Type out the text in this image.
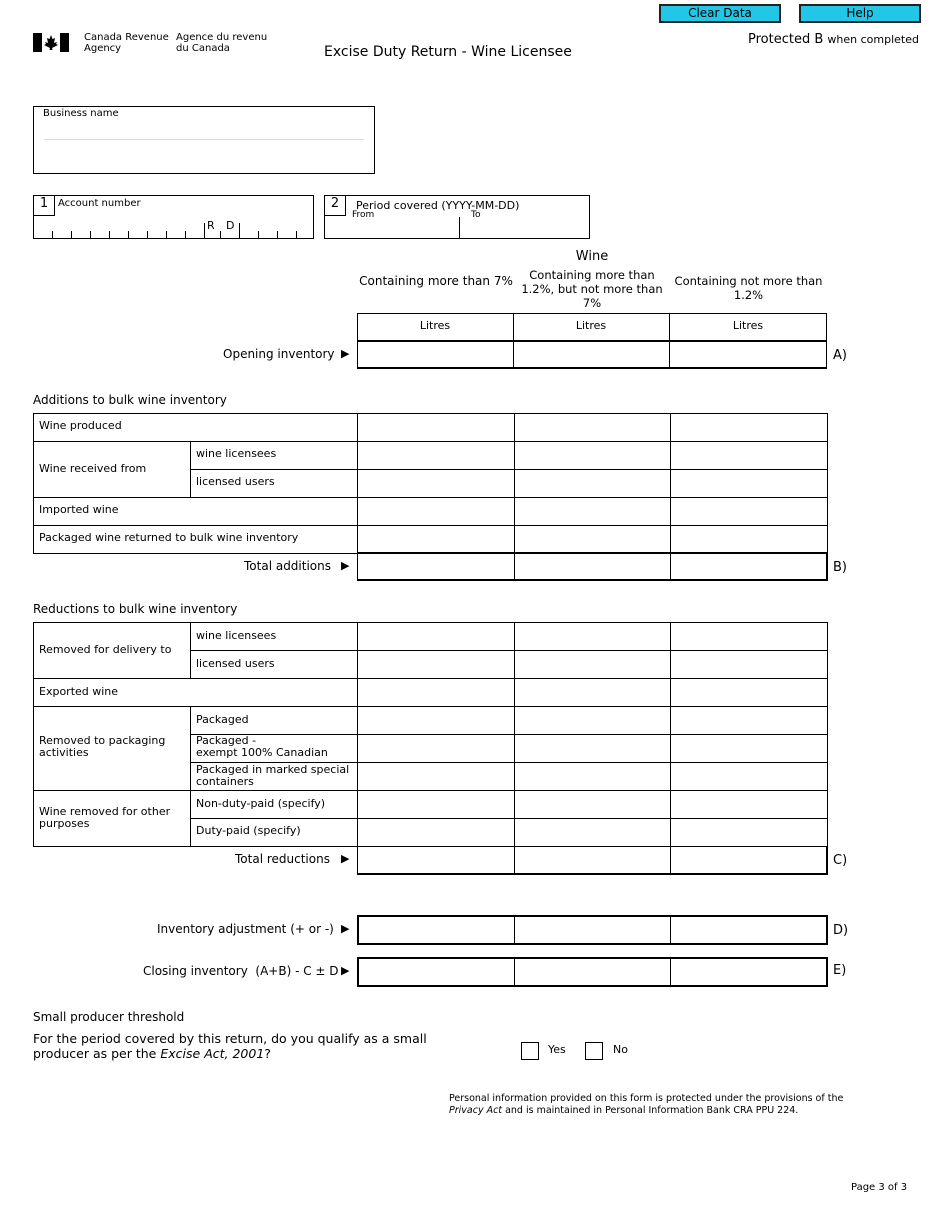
Clear Data	Help
Canada Revenue
Agency
Agence du revenu
du Canada	Excise Duty Return - Wine Licensee
Protected B when completed
Business name
1 Account number
R D
2	Period covered (YYYY-MM-DD)
From	To
Wine
Containing more than 7%	Containing more than 1.2%, but not more than 7%
Containing not more than 1.2%
Litres	Litres	Litres
Opening inventory ▶	A)
Additions to bulk wine inventory
Wine produced
Wine received from
wine licensees
licensed users
Imported wine
Packaged wine returned to bulk wine inventory
Total additions ▶	B)
Reductions to bulk wine inventory
Removed for delivery to
wine licensees
licensed users
Exported wine
Removed to packaging activities
Packaged
Packaged -
exempt 100% Canadian
Packaged in marked special
containers
Wine removed for other purposes
Non-duty-paid (specify)
Duty-paid (specify)
Total reductions ▶	C)
Inventory adjustment (+ or -) ▶	D)
Closing inventory  (A+B) - C ± D ▶	E)
Small producer threshold
For the period covered by this return, do you qualify as a small
producer as per the Excise Act, 2001?	Yes	No
Personal information provided on this form is protected under the provisions of the
Privacy Act and is maintained in Personal Information Bank CRA PPU 224.
Page 3 of 3
